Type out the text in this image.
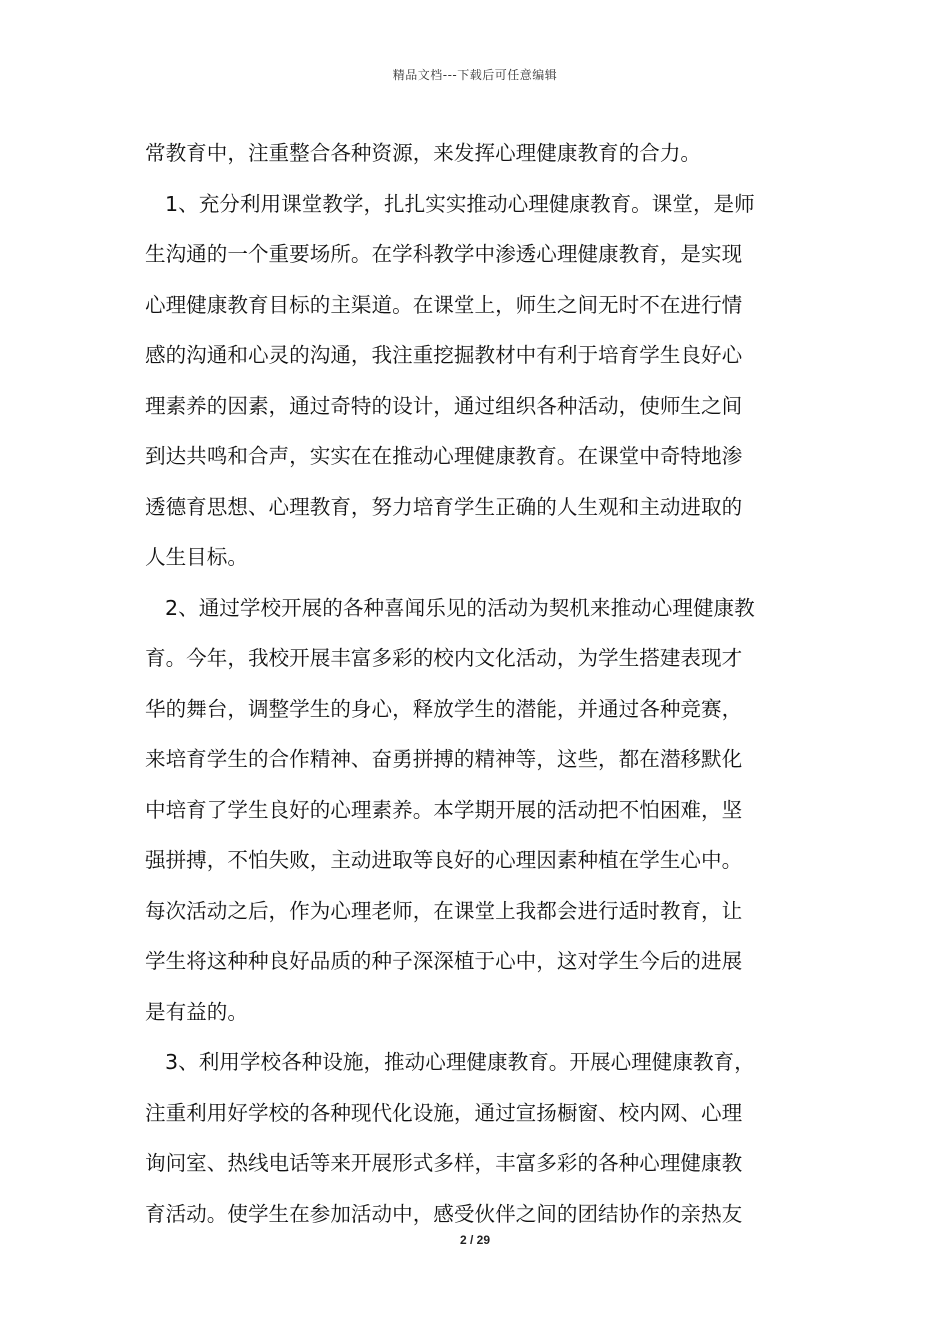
精品文档---下载后可任意编辑
常教育中，注重整合各种资源，来发挥心理健康教育的合力。
1、充分利用课堂教学，扎扎实实推动心理健康教育。课堂，是师
生沟通的一个重要场所。在学科教学中渗透心理健康教育，是实现
心理健康教育目标的主渠道。在课堂上，师生之间无时不在进行情
感的沟通和心灵的沟通，我注重挖掘教材中有利于培育学生良好心
理素养的因素，通过奇特的设计，通过组织各种活动，使师生之间
到达共鸣和合声，实实在在推动心理健康教育。在课堂中奇特地渗
透德育思想、心理教育，努力培育学生正确的人生观和主动进取的
人生目标。
2、通过学校开展的各种喜闻乐见的活动为契机来推动心理健康教
育。今年，我校开展丰富多彩的校内文化活动，为学生搭建表现才
华的舞台，调整学生的身心，释放学生的潜能，并通过各种竞赛，
来培育学生的合作精神、奋勇拼搏的精神等，这些，都在潜移默化
中培育了学生良好的心理素养。本学期开展的活动把不怕困难，坚
强拼搏，不怕失败，主动进取等良好的心理因素种植在学生心中。
每次活动之后，作为心理老师，在课堂上我都会进行适时教育，让
学生将这种种良好品质的种子深深植于心中，这对学生今后的进展
是有益的。
3、利用学校各种设施，推动心理健康教育。开展心理健康教育，
注重利用好学校的各种现代化设施，通过宣扬橱窗、校内网、心理
询问室、热线电话等来开展形式多样，丰富多彩的各种心理健康教
育活动。使学生在参加活动中，感受伙伴之间的团结协作的亲热友
2 / 29
